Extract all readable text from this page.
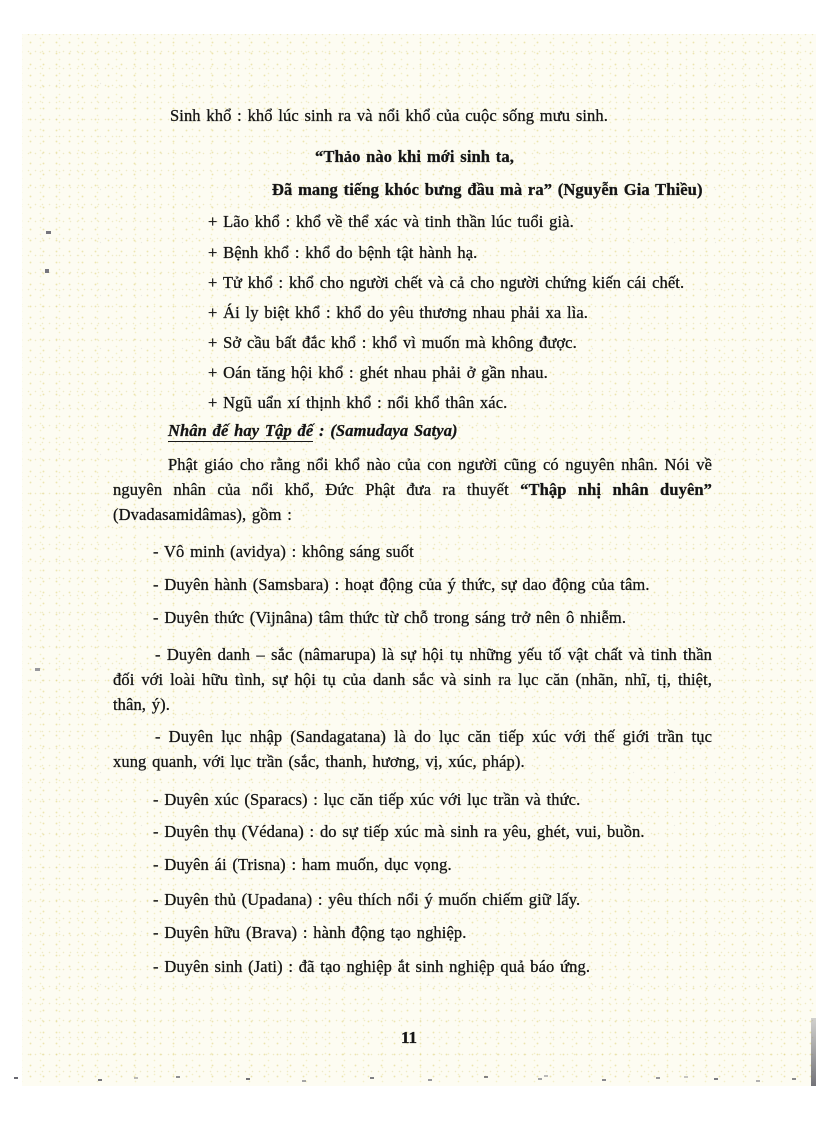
Sinh khổ : khổ lúc sinh ra và nổi khổ của cuộc sống mưu sinh.
“Thảo nào khi mới sinh ta,
Đã mang tiếng khóc bưng đầu mà ra” (Nguyễn Gia Thiều)
+ Lão khổ : khổ về thể xác và tinh thần lúc tuổi già.
+ Bệnh khổ : khổ do bệnh tật hành hạ.
+ Tử khổ : khổ cho người chết và cả cho người chứng kiến cái chết.
+ Ái ly biệt khổ : khổ do yêu thương nhau phải xa lìa.
+ Sở cầu bất đắc khổ : khổ vì muốn mà không được.
+ Oán tăng hội khổ : ghét nhau phải ở gần nhau.
+ Ngũ uẩn xí thịnh khổ : nổi khổ thân xác.
Nhân đế hay Tập đế : (Samudaya Satya)
Phật giáo cho rằng nổi khổ nào của con người cũng có nguyên nhân. Nói về nguyên nhân của nổi khổ, Đức Phật đưa ra thuyết “Thập nhị nhân duyên” (Dvadasamidâmas), gồm :
- Vô minh (avidya) : không sáng suốt
- Duyên hành (Samsbara) : hoạt động của ý thức, sự dao động của tâm.
- Duyên thức (Vijnâna) tâm thức từ chỗ trong sáng trở nên ô nhiễm.
- Duyên danh – sắc (nâmarupa) là sự hội tụ những yếu tố vật chất và tinh thần đối với loài hữu tình, sự hội tụ của danh sắc và sinh ra lục căn (nhãn, nhĩ, tị, thiệt, thân, ý).
- Duyên lục nhập (Sandagatana) là do lục căn tiếp xúc với thế giới trần tục xung quanh, với lục trần (sắc, thanh, hương, vị, xúc, pháp).
- Duyên xúc (Sparacs) : lục căn tiếp xúc với lục trần và thức.
- Duyên thụ (Védana) : do sự tiếp xúc mà sinh ra yêu, ghét, vui, buồn.
- Duyên ái (Trisna) : ham muốn, dục vọng.
- Duyên thủ (Upadana) : yêu thích nổi ý muốn chiếm giữ lấy.
- Duyên hữu (Brava) : hành động tạo nghiệp.
- Duyên sinh (Jati) : đã tạo nghiệp ắt sinh nghiệp quả báo ứng.
11
